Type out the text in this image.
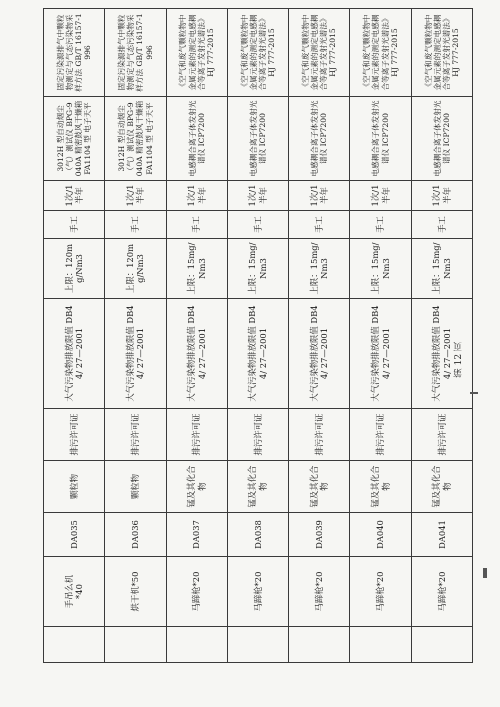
	手吊么机 *40	DA035	颗粒物	排污许可证	大气污染物排放限值 DB44/ 27—2001	上限：120mg/Nm3	手工	1次/1半年	3012H 型自动烟尘（气）测试仪 BPG-9040A 精密鼓风干燥箱 FA1104 型 电子天平	固定污染源排气中颗粒物测定与气态污染物采样方法 GB/T 16157-1996
	烘干机*50	DA036	颗粒物	排污许可证	大气污染物排放限值 DB44/ 27—2001	上限：120mg/Nm3	手工	1次/1半年	3012H 型自动烟尘（气）测试仪 BPG-9040A 精密鼓风干燥箱 FA1104 型 电子天平	固定污染源排气中颗粒物测定与气态污染物采样方法 GB/T 16157-1996
	马蹄枪*20	DA037	锰及其化合物	排污许可证	大气污染物排放限值 DB44/ 27—2001	上限：15mg/Nm3	手工	1次/1半年	电感耦合离子体发射光谱仪 ICP7200	《空气和废气颗粒物中金属元素的测定电感耦合等离子发射光谱法》HJ 777-2015
	马蹄枪*20	DA038	锰及其化合物	排污许可证	大气污染物排放限值 DB44/ 27—2001	上限：15mg/Nm3	手工	1次/1半年	电感耦合离子体发射光谱仪 ICP7200	《空气和废气颗粒物中金属元素的测定电感耦合等离子发射光谱法》HJ 777-2015
	马蹄枪*20	DA039	锰及其化合物	排污许可证	大气污染物排放限值 DB44/ 27—2001	上限：15mg/Nm3	手工	1次/1半年	电感耦合离子体发射光谱仪 ICP7200	《空气和废气颗粒物中金属元素的测定电感耦合等离子发射光谱法》HJ 777-2015
	马蹄枪*20	DA040	锰及其化合物	排污许可证	大气污染物排放限值 DB44/ 27—2001	上限：15mg/Nm3	手工	1次/1半年	电感耦合离子体发射光谱仪 ICP7200	《空气和废气颗粒物中金属元素的测定电感耦合等离子发射光谱法》HJ 777-2015
	马蹄枪*20	DA041	锰及其化合物	排污许可证	大气污染物排放限值 DB44/ 27—2001	上限：15mg/Nm3	手工	1次/1半年	电感耦合离子体发射光谱仪 ICP7200	《空气和废气颗粒物中金属元素的测定电感耦合等离子发射光谱法》HJ 777-2015
第 12 页
